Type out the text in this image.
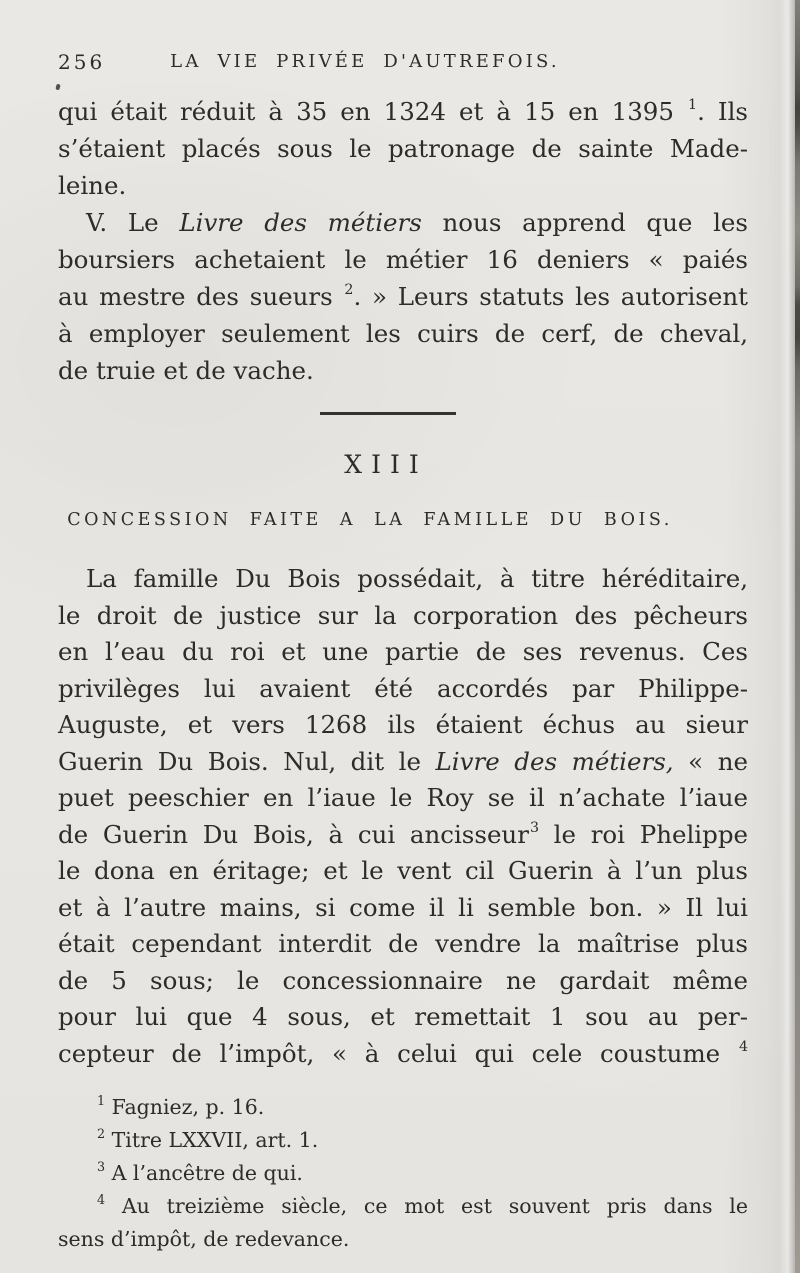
256	LA VIE PRIVÉE D'AUTREFOIS.
qui était réduit à 35 en 1324 et à 15 en 1395 $^1$. Ils
s’étaient placés sous le patronage de sainte Made-
leine.
V. Le Livre des métiers nous apprend que les
boursiers achetaient le métier 16 deniers « paiés
au mestre des sueurs $^2$. » Leurs statuts les autorisent
à employer seulement les cuirs de cerf, de cheval,
de truie et de vache.
XIII
CONCESSION FAITE A LA FAMILLE DU BOIS.
La famille Du Bois possédait, à titre héréditaire,
le droit de justice sur la corporation des pêcheurs
en l’eau du roi et une partie de ses revenus. Ces
privilèges lui avaient été accordés par Philippe-
Auguste, et vers 1268 ils étaient échus au sieur
Guerin Du Bois. Nul, dit le Livre des métiers, « ne
puet peeschier en l’iaue le Roy se il n’achate l’iaue
de Guerin Du Bois, à cui ancisseur$^3$ le roi Phelippe
le dona en éritage; et le vent cil Guerin à l’un plus
et à l’autre mains, si come il li semble bon. » Il lui
était cependant interdit de vendre la maîtrise plus
de 5 sous; le concessionnaire ne gardait même
pour lui que 4 sous, et remettait 1 sou au per-
cepteur de l’impôt, « à celui qui cele coustume $^4$
$^1$ Fagniez, p. 16.
$^2$ Titre LXXVII, art. 1.
$^3$ A l’ancêtre de qui.
$^4$ Au treizième siècle, ce mot est souvent pris dans le
sens d’impôt, de redevance.
